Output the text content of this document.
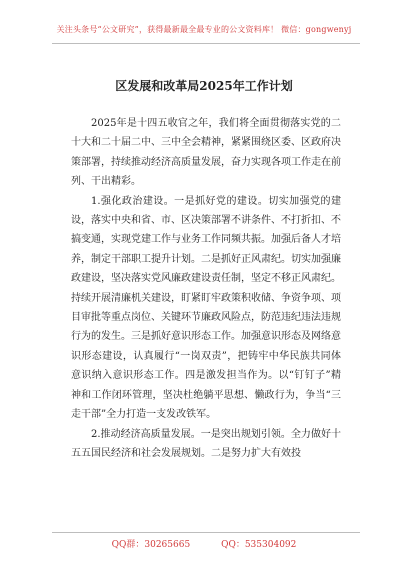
关注头条号“公文研究”，获得最新最全最专业的公文资料库！ 微信：gongwenyj
区发展和改革局2025年工作计划

2025年是十四五收官之年，我们将全面贯彻落实党的二十大和二十届二中、三中全会精神，紧紧围绕区委、区政府决策部署，持续推动经济高质量发展，奋力实现各项工作走在前列、干出精彩。

1.强化政治建设。一是抓好党的建设。切实加强党的建设，落实中央和省、市、区决策部署不讲条件、不打折扣、不搞变通，实现党建工作与业务工作同频共振。加强后备人才培养，制定干部职工提升计划。二是抓好正风肃纪。切实加强廉政建设，坚决落实党风廉政建设责任制，坚定不移正风肃纪。持续开展清廉机关建设，盯紧盯牢政策积收储、争资争项、项目审批等重点岗位、关键环节廉政风险点，防范违纪违法违规行为的发生。三是抓好意识形态工作。加强意识形态及网络意识形态建设，认真履行“一岗双责”，把铸牢中华民族共同体意识纳入意识形态工作。四是激发担当作为。以“钉钉子”精神和工作闭环管理，坚决杜绝躺平思想、懒政行为，争当“三走干部”全力打造一支发改铁军。

2.推动经济高质量发展。一是突出规划引领。全力做好十五五国民经济和社会发展规划。二是努力扩大有效投

QQ群：30265665	QQ：535304092
